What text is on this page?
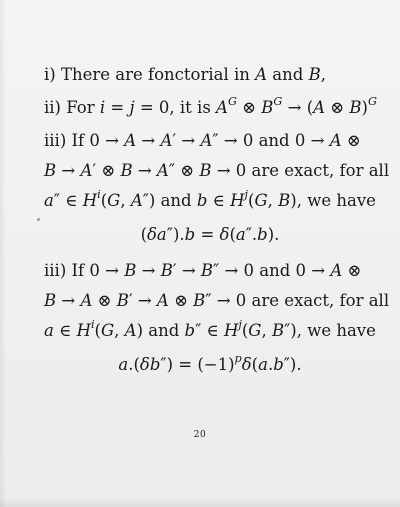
i) There are fonctorial in A and B,
ii) For i = j = 0, it is $A^G$ ⊗ $B^G \to (A$ ⊗ B)$^G$
iii) If 0 → A → A′ → A″ → 0 and 0 → A ⊗
B → A′ ⊗ B → A″ ⊗ B → 0 are exact, for all
a″ ∈ $H^i(G$, A″) and b ∈ $H^j(G$, B), we have
(δa″).b = δ(a″.b).
iii) If 0 → B → B′ → B″ → 0 and 0 → A ⊗
B → A ⊗ B′ → A ⊗ B″ → 0 are exact, for all
a ∈ $H^i(G$, A) and b″ ∈ $H^j(G$, B″), we have
$a.(\delta b'') = (-1)^p\delta(a.b'')$.
20
